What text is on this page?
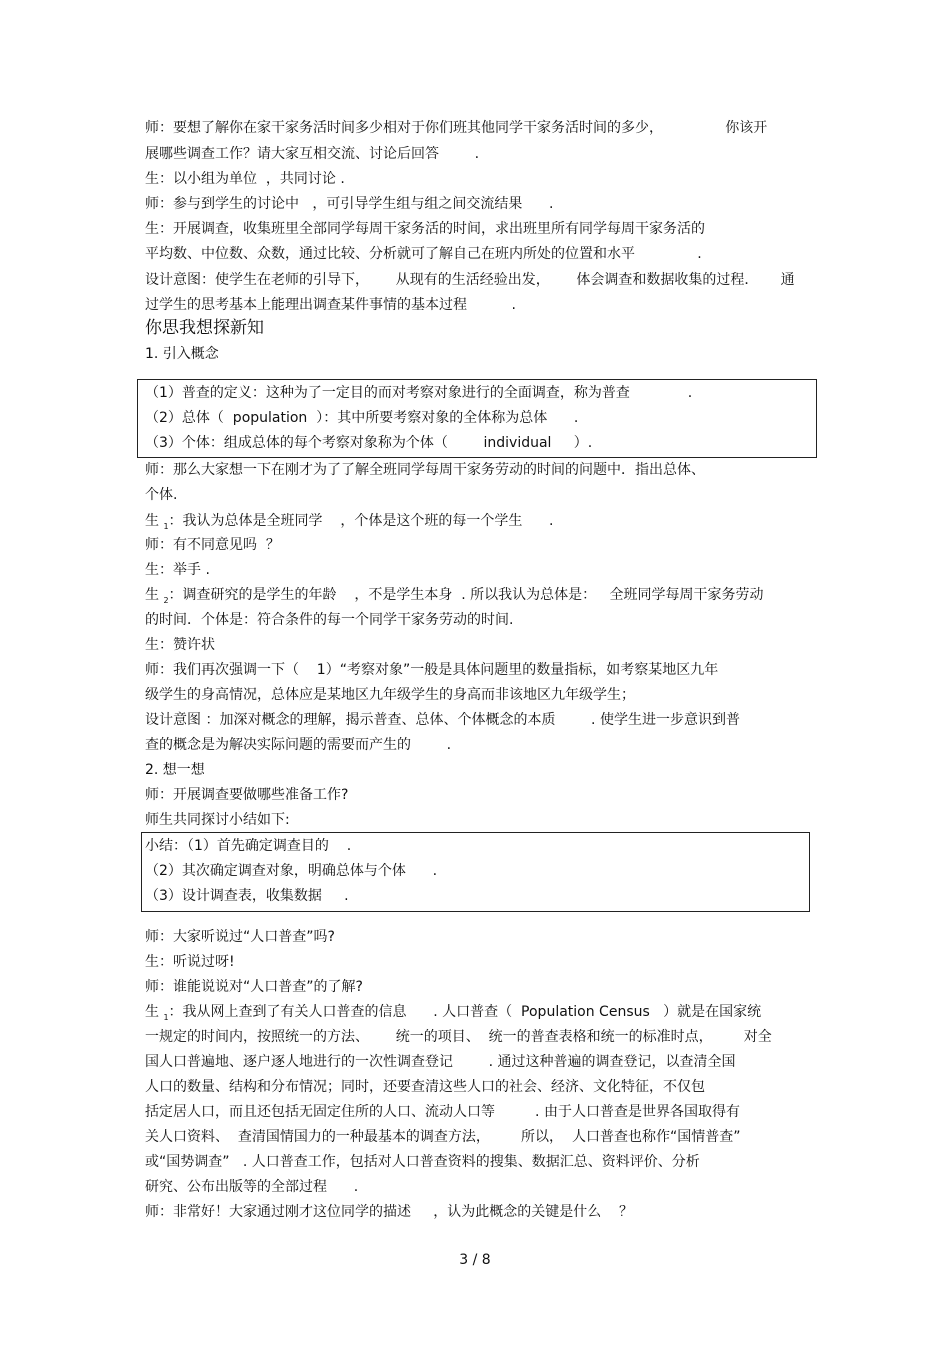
师：要想了解你在家干家务活时间多少相对于你们班其他同学干家务活时间的多少，              你该开
展哪些调查工作？请大家互相交流、讨论后回答        .
生：以小组为单位  ，共同讨论 .
师：参与到学生的讨论中   ，可引导学生组与组之间交流结果      .
生：开展调查，收集班里全部同学每周干家务活的时间，求出班里所有同学每周干家务活的
平均数、中位数、众数，通过比较、分析就可了解自己在班内所处的位置和水平              .
设计意图：使学生在老师的引导下，      从现有的生活经验出发，      体会调查和数据收集的过程．     通
过学生的思考基本上能理出调查某件事情的基本过程          .
你思我想探新知
1. 引入概念
（1）普查的定义：这种为了一定目的而对考察对象进行的全面调查，称为普查             .
（2）总体（  population  ）：其中所要考察对象的全体称为总体      .
（3）个体：组成总体的每个考察对象称为个体（        individual     ）.
师：那么大家想一下在刚才为了了解全班同学每周干家务劳动的时间的问题中．指出总体、
个体.
生 $_1$：我认为总体是全班同学    ，个体是这个班的每一个学生      .
师：有不同意见吗  ？
生：举手 .
生 $_2$：调查研究的是学生的年龄    ，不是学生本身  . 所以我认为总体是：   全班同学每周干家务劳动
的时间．个体是：符合条件的每一个同学干家务劳动的时间.
生：赞许状
师：我们再次强调一下（    1）“考察对象”一般是具体问题里的数量指标，如考察某地区九年
级学生的身高情况，总体应是某地区九年级学生的身高而非该地区九年级学生；
设计意图 ：加深对概念的理解，揭示普查、总体、个体概念的本质        . 使学生进一步意识到普
查的概念是为解决实际问题的需要而产生的        .
2. 想一想
师：开展调查要做哪些准备工作?
师生共同探讨小结如下:
小结：（1）首先确定调查目的    .
（2）其次确定调查对象，明确总体与个体      .
（3）设计调查表，收集数据     .
师：大家听说过“人口普查”吗?
生：听说过呀!
师：谁能说说对“人口普查”的了解?
生 $_1$：我从网上查到了有关人口普查的信息      . 人口普查（  Population Census   ）就是在国家统
一规定的时间内，按照统一的方法、      统一的项目、  统一的普查表格和统一的标准时点，       对全
国人口普遍地、逐户逐人地进行的一次性调查登记        . 通过这种普遍的调查登记，以查清全国
人口的数量、结构和分布情况；同时，还要查清这些人口的社会、经济、文化特征，不仅包
括定居人口，而且还包括无固定住所的人口、流动人口等         . 由于人口普查是世界各国取得有
关人口资料、  查清国情国力的一种最基本的调查方法，       所以，  人口普查也称作“国情普查”
或“国势调查”   . 人口普查工作，包括对人口普查资料的搜集、数据汇总、资料评价、分析
研究、公布出版等的全部过程      .
师：非常好！大家通过刚才这位同学的描述     ，认为此概念的关键是什么    ？
3 / 8
